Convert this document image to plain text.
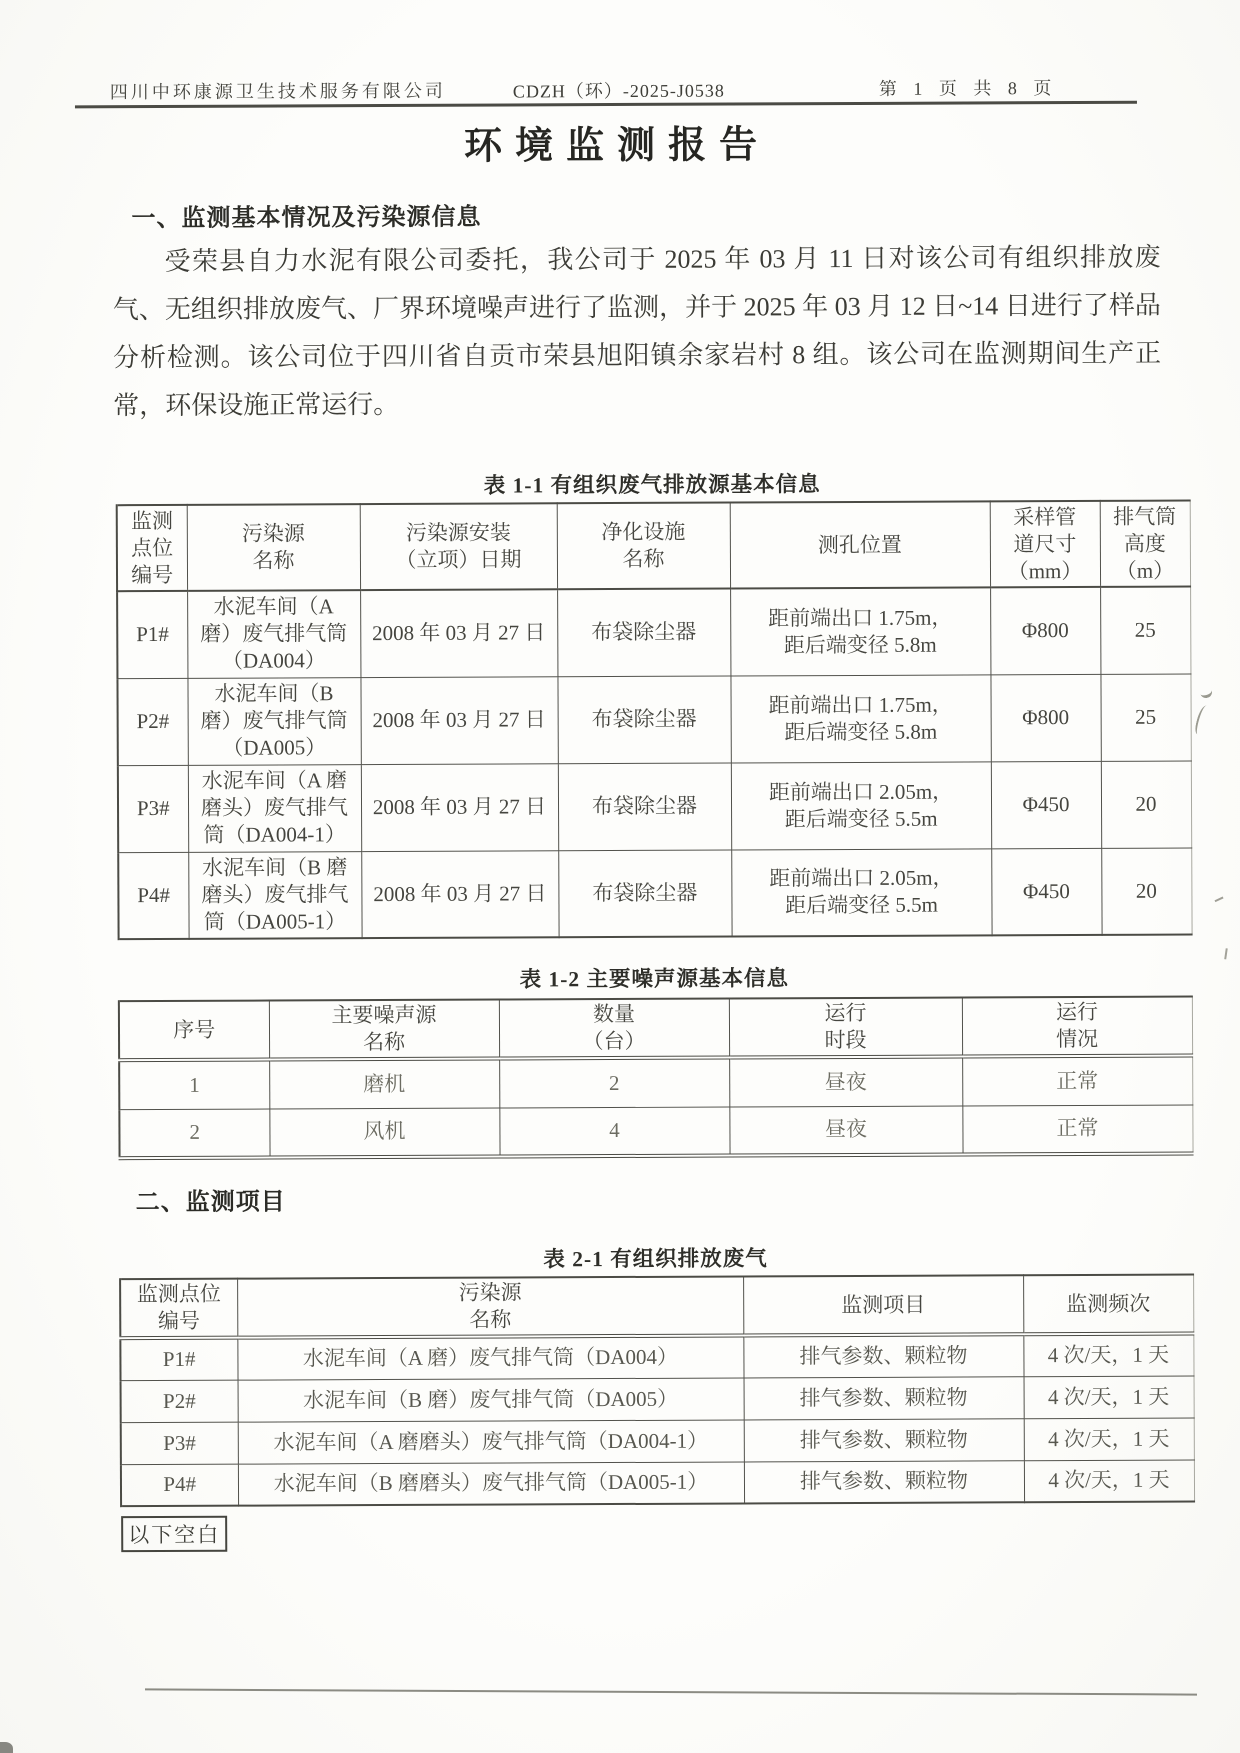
四川中环康源卫生技术服务有限公司	CDZH（环）-2025-J0538	第 1 页 共 8 页
环境监测报告
一、监测基本情况及污染源信息
受荣县自力水泥有限公司委托，我公司于 2025 年 03 月 11 日对该公司有组织排放废气、无组织排放废气、厂界环境噪声进行了监测，并于 2025 年 03 月 12 日~14 日进行了样品分析检测。该公司位于四川省自贡市荣县旭阳镇余家岩村 8 组。该公司在监测期间生产正常，环保设施正常运行。
表 1-1 有组织废气排放源基本信息
监测
点位
编号	污染源
名称	污染源安装
（立项）日期	净化设施
名称	测孔位置	采样管
道尺寸
（mm）	排气筒
高度
（m）
P1#	水泥车间（A
磨）废气排气筒
（DA004）	2008 年 03 月 27 日	布袋除尘器	距前端出口 1.75m，
距后端变径 5.8m	Φ800	25
P2#	水泥车间（B
磨）废气排气筒
（DA005）	2008 年 03 月 27 日	布袋除尘器	距前端出口 1.75m，
距后端变径 5.8m	Φ800	25
P3#	水泥车间（A 磨
磨头）废气排气
筒（DA004-1）	2008 年 03 月 27 日	布袋除尘器	距前端出口 2.05m，
距后端变径 5.5m	Φ450	20
P4#	水泥车间（B 磨
磨头）废气排气
筒（DA005-1）	2008 年 03 月 27 日	布袋除尘器	距前端出口 2.05m，
距后端变径 5.5m	Φ450	20
表 1-2 主要噪声源基本信息
序号	主要噪声源
名称	数量
（台）	运行
时段	运行
情况
1	磨机	2	昼夜	正常
2	风机	4	昼夜	正常
二、监测项目
表 2-1 有组织排放废气
监测点位
编号	污染源
名称	监测项目	监测频次
P1#	水泥车间（A 磨）废气排气筒（DA004）	排气参数、颗粒物	4 次/天，1 天
P2#	水泥车间（B 磨）废气排气筒（DA005）	排气参数、颗粒物	4 次/天，1 天
P3#	水泥车间（A 磨磨头）废气排气筒（DA004-1）	排气参数、颗粒物	4 次/天，1 天
P4#	水泥车间（B 磨磨头）废气排气筒（DA005-1）	排气参数、颗粒物	4 次/天，1 天
以下空白
